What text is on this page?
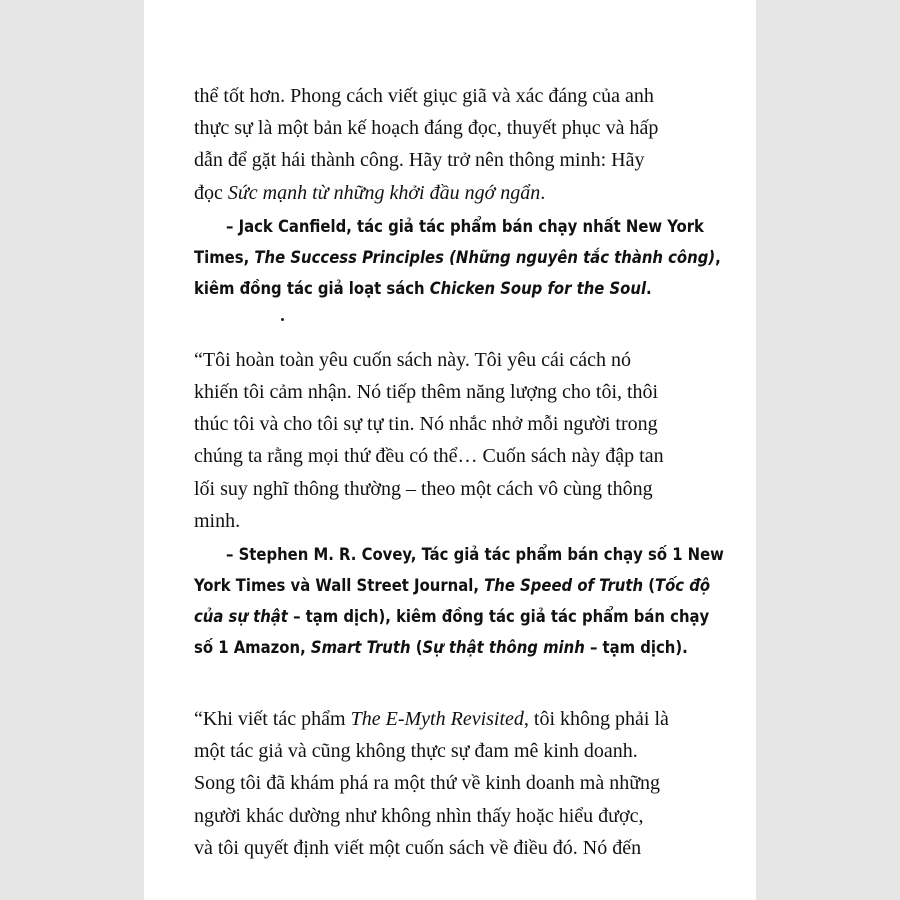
thể tốt hơn. Phong cách viết giục giã và xác đáng của anh
thực sự là một bản kế hoạch đáng đọc, thuyết phục và hấp
dẫn để gặt hái thành công. Hãy trở nên thông minh: Hãy
đọc Sức mạnh từ những khởi đầu ngớ ngẩn.

– Jack Canfield, tác giả tác phẩm bán chạy nhất New York
Times, The Success Principles (Những nguyên tắc thành công),
kiêm đồng tác giả loạt sách Chicken Soup for the Soul.

“Tôi hoàn toàn yêu cuốn sách này. Tôi yêu cái cách nó
khiến tôi cảm nhận. Nó tiếp thêm năng lượng cho tôi, thôi
thúc tôi và cho tôi sự tự tin. Nó nhắc nhở mỗi người trong
chúng ta rằng mọi thứ đều có thể… Cuốn sách này đập tan
lối suy nghĩ thông thường – theo một cách vô cùng thông
minh.

– Stephen M. R. Covey, Tác giả tác phẩm bán chạy số 1 New
York Times và Wall Street Journal, The Speed of Truth (Tốc độ
của sự thật – tạm dịch), kiêm đồng tác giả tác phẩm bán chạy
số 1 Amazon, Smart Truth (Sự thật thông minh – tạm dịch).

“Khi viết tác phẩm The E-Myth Revisited, tôi không phải là
một tác giả và cũng không thực sự đam mê kinh doanh.
Song tôi đã khám phá ra một thứ về kinh doanh mà những
người khác dường như không nhìn thấy hoặc hiểu được,
và tôi quyết định viết một cuốn sách về điều đó. Nó đến
